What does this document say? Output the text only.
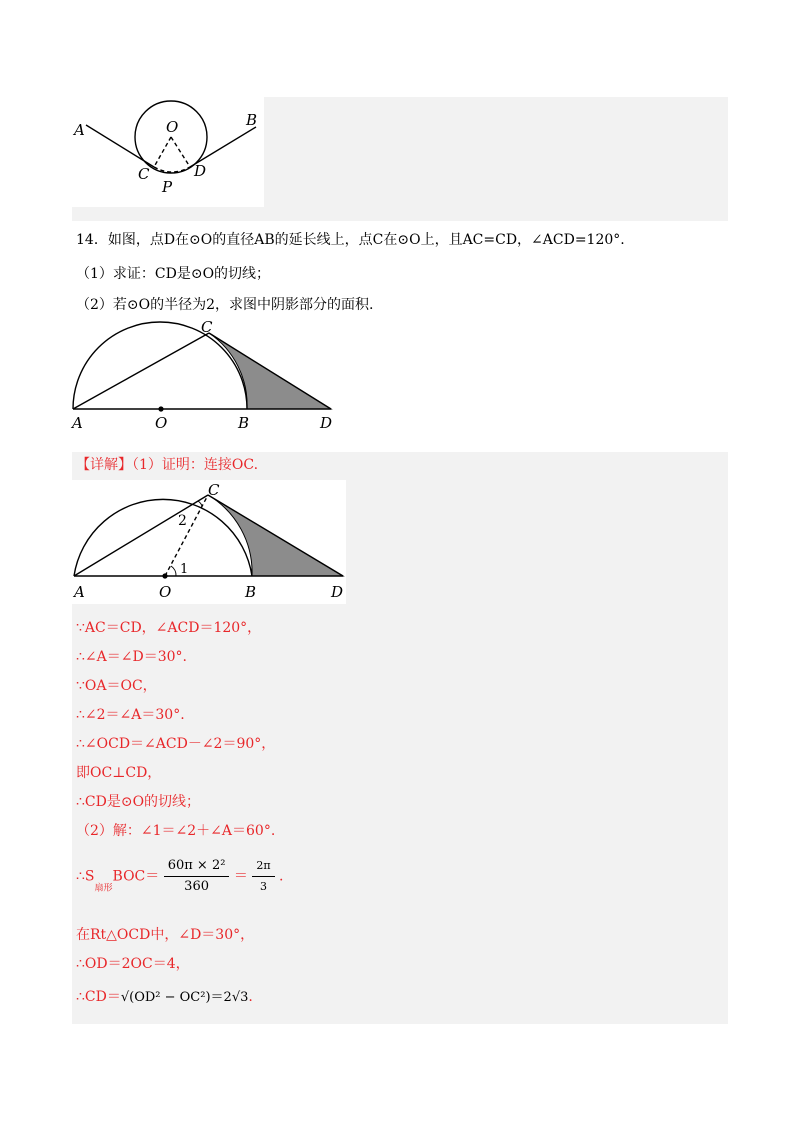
A
B
O
C	D
P
14．如图，点D在⊙O的直径AB的延长线上，点C在⊙O上，且AC=CD，∠ACD=120°.
（1）求证：CD是⊙O的切线；
（2）若⊙O的半径为2，求图中阴影部分的面积.
C
A	O	B	D
【详解】（1）证明：连接OC.
C
2
1
A	O	B	D
∵AC＝CD，∠ACD＝120°，
∴∠A＝∠D＝30°.
∵OA＝OC，
∴∠2＝∠A＝30°.
∴∠OCD＝∠ACD－∠2＝90°，
即OC⊥CD，
∴CD是⊙O的切线；
（2）解：∠1＝∠2＋∠A＝60°.
$\therefore S_{扇形}BOC= \frac{\text{60π × 2²}}{360} = \frac{2\pi}{3}$ .
在Rt△OCD中，∠D＝30°，
∴OD＝2OC＝4，
∴CD＝√(OD² − OC²)＝2√3.
